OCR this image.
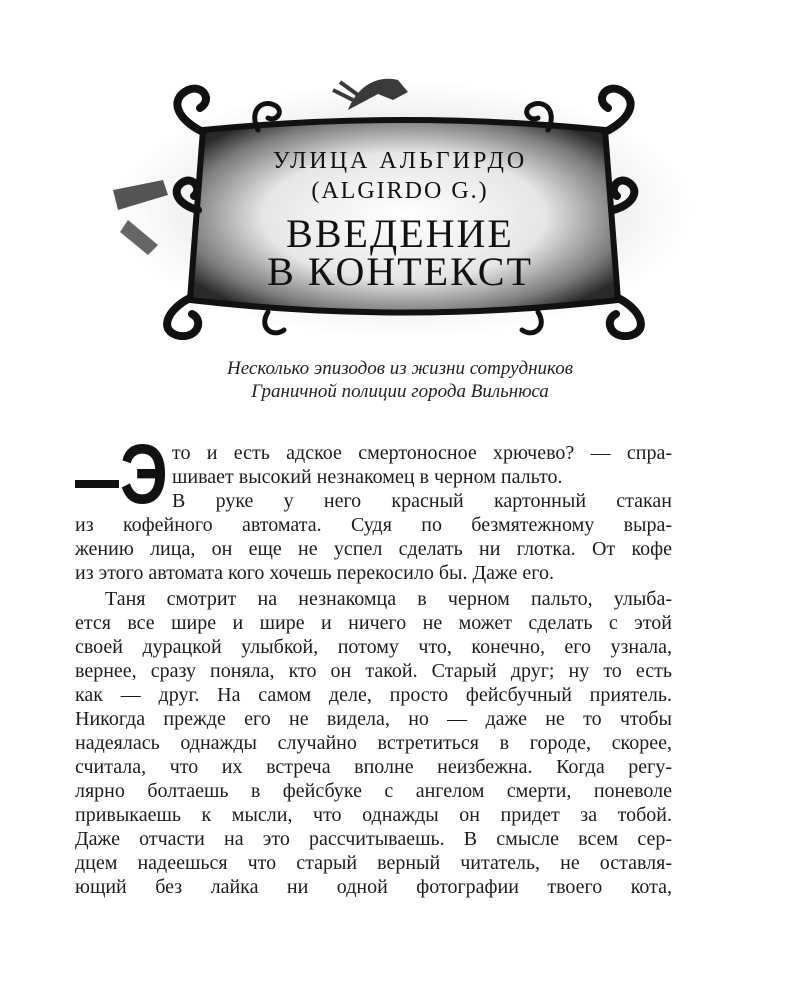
УЛИЦА АЛЬГИРДО
(ALGIRDO G.)
ВВЕДЕНИЕ
В КОНТЕКСТ
Несколько эпизодов из жизни сотрудников
Граничной полиции города Вильнюса
Э то и есть адское смертоносное хрючево? — спра-
шивает высокий незнакомец в черном пальто.
В руке у него красный картонный стакан
из кофейного автомата. Судя по безмятежному выра-
жению лица, он еще не успел сделать ни глотка. От кофе
из этого автомата кого хочешь перекосило бы. Даже его.
Таня смотрит на незнакомца в черном пальто, улыба-
ется все шире и шире и ничего не может сделать с этой
своей дурацкой улыбкой, потому что, конечно, его узнала,
вернее, сразу поняла, кто он такой. Старый друг; ну то есть
как — друг. На самом деле, просто фейсбучный приятель.
Никогда прежде его не видела, но — даже не то чтобы
надеялась однажды случайно встретиться в городе, скорее,
считала, что их встреча вполне неизбежна. Когда регу-
лярно болтаешь в фейсбуке с ангелом смерти, поневоле
привыкаешь к мысли, что однажды он придет за тобой.
Даже отчасти на это рассчитываешь. В смысле всем сер-
дцем надеешься что старый верный читатель, не оставля-
ющий без лайка ни одной фотографии твоего кота,
